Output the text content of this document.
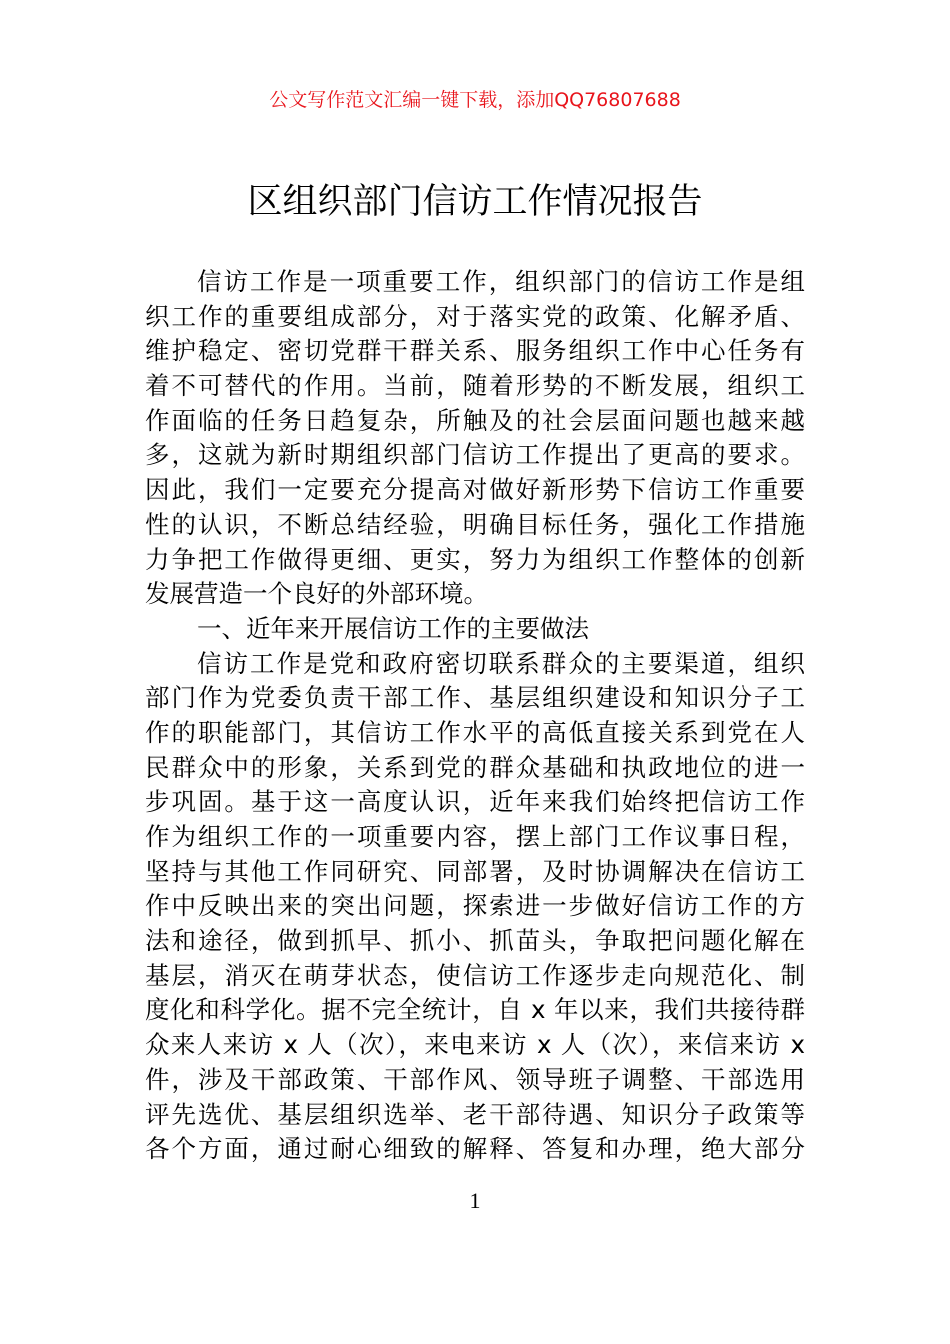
公文写作范文汇编一键下载，添加QQ76807688
区组织部门信访工作情况报告
信访工作是一项重要工作，组织部门的信访工作是组
织工作的重要组成部分，对于落实党的政策、化解矛盾、
维护稳定、密切党群干群关系、服务组织工作中心任务有
着不可替代的作用。当前，随着形势的不断发展，组织工
作面临的任务日趋复杂，所触及的社会层面问题也越来越
多，这就为新时期组织部门信访工作提出了更高的要求。
因此，我们一定要充分提高对做好新形势下信访工作重要
性的认识，不断总结经验，明确目标任务，强化工作措施
力争把工作做得更细、更实，努力为组织工作整体的创新
发展营造一个良好的外部环境。
一、近年来开展信访工作的主要做法
信访工作是党和政府密切联系群众的主要渠道，组织
部门作为党委负责干部工作、基层组织建设和知识分子工
作的职能部门，其信访工作水平的高低直接关系到党在人
民群众中的形象，关系到党的群众基础和执政地位的进一
步巩固。基于这一高度认识，近年来我们始终把信访工作
作为组织工作的一项重要内容，摆上部门工作议事日程，
坚持与其他工作同研究、同部署，及时协调解决在信访工
作中反映出来的突出问题，探索进一步做好信访工作的方
法和途径，做到抓早、抓小、抓苗头，争取把问题化解在
基层，消灭在萌芽状态，使信访工作逐步走向规范化、制
度化和科学化。据不完全统计，自 x 年以来，我们共接待群
众来人来访 x 人（次），来电来访 x 人（次），来信来访 x
件，涉及干部政策、干部作风、领导班子调整、干部选用
评先选优、基层组织选举、老干部待遇、知识分子政策等
各个方面，通过耐心细致的解释、答复和办理，绝大部分
1
